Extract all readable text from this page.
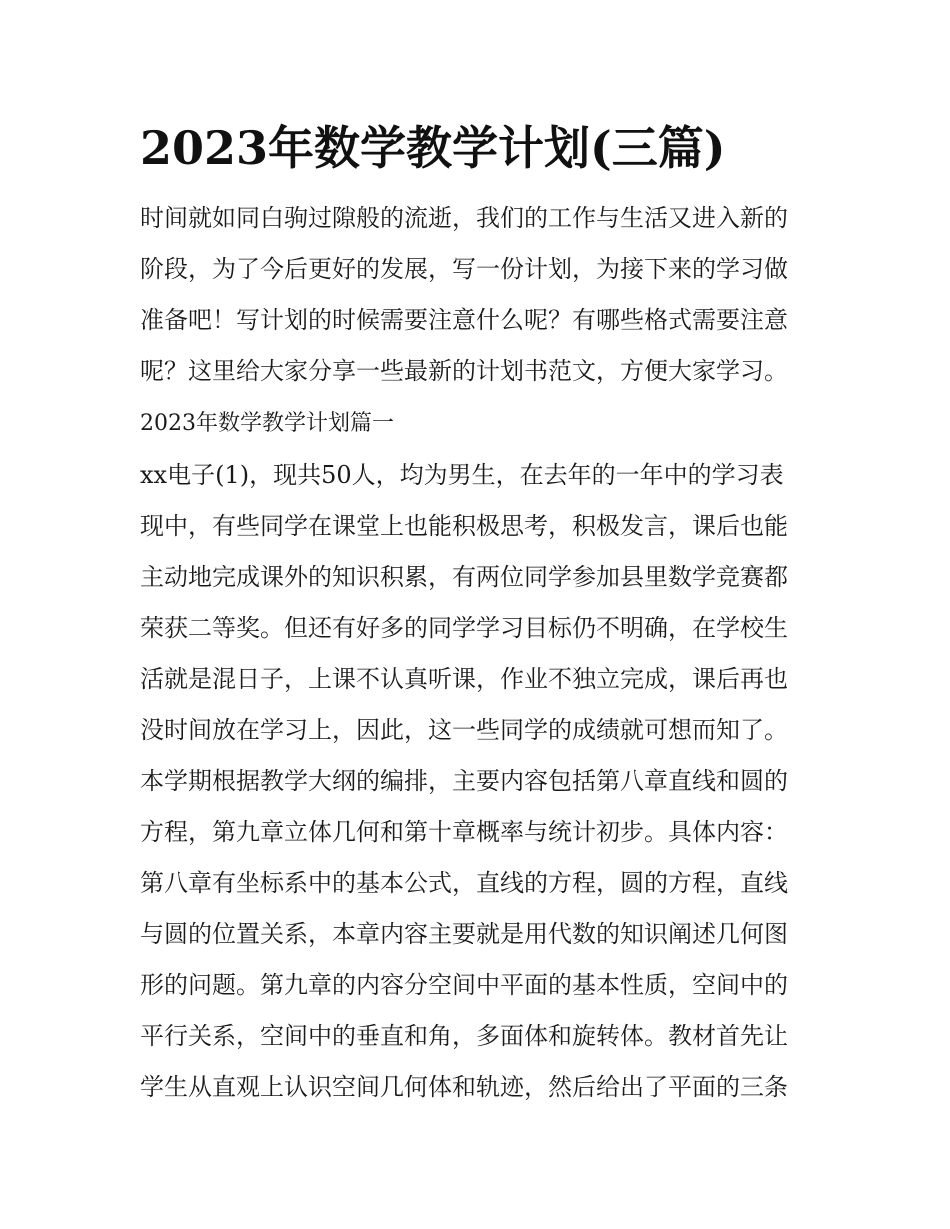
2023年数学教学计划(三篇)

时间就如同白驹过隙般的流逝，我们的工作与生活又进入新的

阶段，为了今后更好的发展，写一份计划，为接下来的学习做

准备吧！写计划的时候需要注意什么呢？有哪些格式需要注意

呢？这里给大家分享一些最新的计划书范文，方便大家学习。

2023年数学教学计划篇一

xx电子(1)，现共50人，均为男生，在去年的一年中的学习表

现中，有些同学在课堂上也能积极思考，积极发言，课后也能

主动地完成课外的知识积累，有两位同学参加县里数学竞赛都

荣获二等奖。但还有好多的同学学习目标仍不明确，在学校生

活就是混日子，上课不认真听课，作业不独立完成，课后再也

没时间放在学习上，因此，这一些同学的成绩就可想而知了。

本学期根据教学大纲的编排，主要内容包括第八章直线和圆的

方程，第九章立体几何和第十章概率与统计初步。具体内容：

第八章有坐标系中的基本公式，直线的方程，圆的方程，直线

与圆的位置关系，本章内容主要就是用代数的知识阐述几何图

形的问题。第九章的内容分空间中平面的基本性质，空间中的

平行关系，空间中的垂直和角，多面体和旋转体。教材首先让

学生从直观上认识空间几何体和轨迹，然后给出了平面的三条
